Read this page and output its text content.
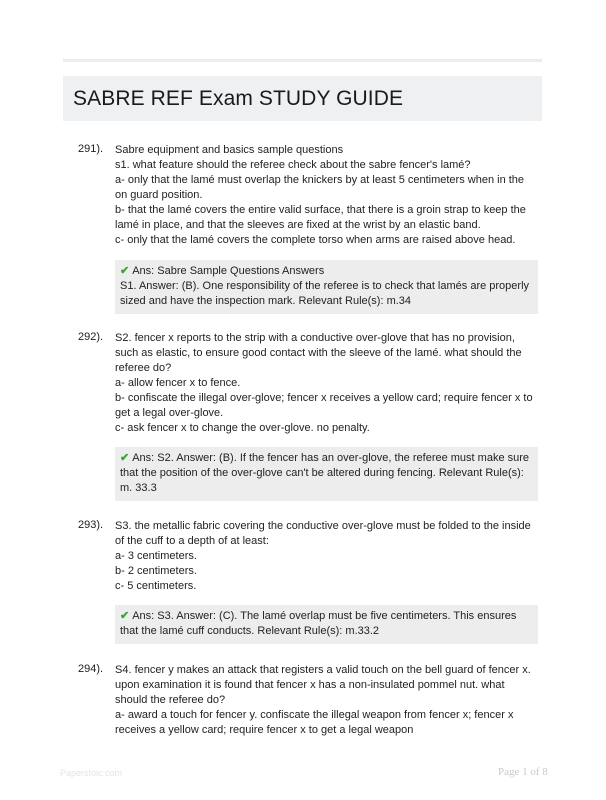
SABRE REF Exam STUDY GUIDE
291). Sabre equipment and basics sample questions

s1. what feature should the referee check about the sabre fencer's lamé?

a- only that the lamé must overlap the knickers by at least 5 centimeters when in the on guard position.

b- that the lamé covers the entire valid surface, that there is a groin strap to keep the lamé in place, and that the sleeves are fixed at the wrist by an elastic band.

c- only that the lamé covers the complete torso when arms are raised above head.

✔ Ans: Sabre Sample Questions Answers
S1. Answer: (B). One responsibility of the referee is to check that lamés are properly sized and have the inspection mark. Relevant Rule(s): m.34
292). S2. fencer x reports to the strip with a conductive over-glove that has no provision, such as elastic, to ensure good contact with the sleeve of the lamé. what should the referee do?

a- allow fencer x to fence.

b- confiscate the illegal over-glove; fencer x receives a yellow card; require fencer x to get a legal over-glove.

c- ask fencer x to change the over-glove. no penalty.

✔ Ans: S2. Answer: (B). If the fencer has an over-glove, the referee must make sure that the position of the over-glove can't be altered during fencing. Relevant Rule(s): m. 33.3
293). S3. the metallic fabric covering the conductive over-glove must be folded to the inside of the cuff to a depth of at least:

a- 3 centimeters.

b- 2 centimeters.

c- 5 centimeters.

✔ Ans: S3. Answer: (C). The lamé overlap must be five centimeters. This ensures that the lamé cuff conducts. Relevant Rule(s): m.33.2
294). S4. fencer y makes an attack that registers a valid touch on the bell guard of fencer x. upon examination it is found that fencer x has a non-insulated pommel nut. what should the referee do?

a- award a touch for fencer y. confiscate the illegal weapon from fencer x; fencer x receives a yellow card; require fencer x to get a legal weapon

Paperstoic.com	Page 1 of 8
